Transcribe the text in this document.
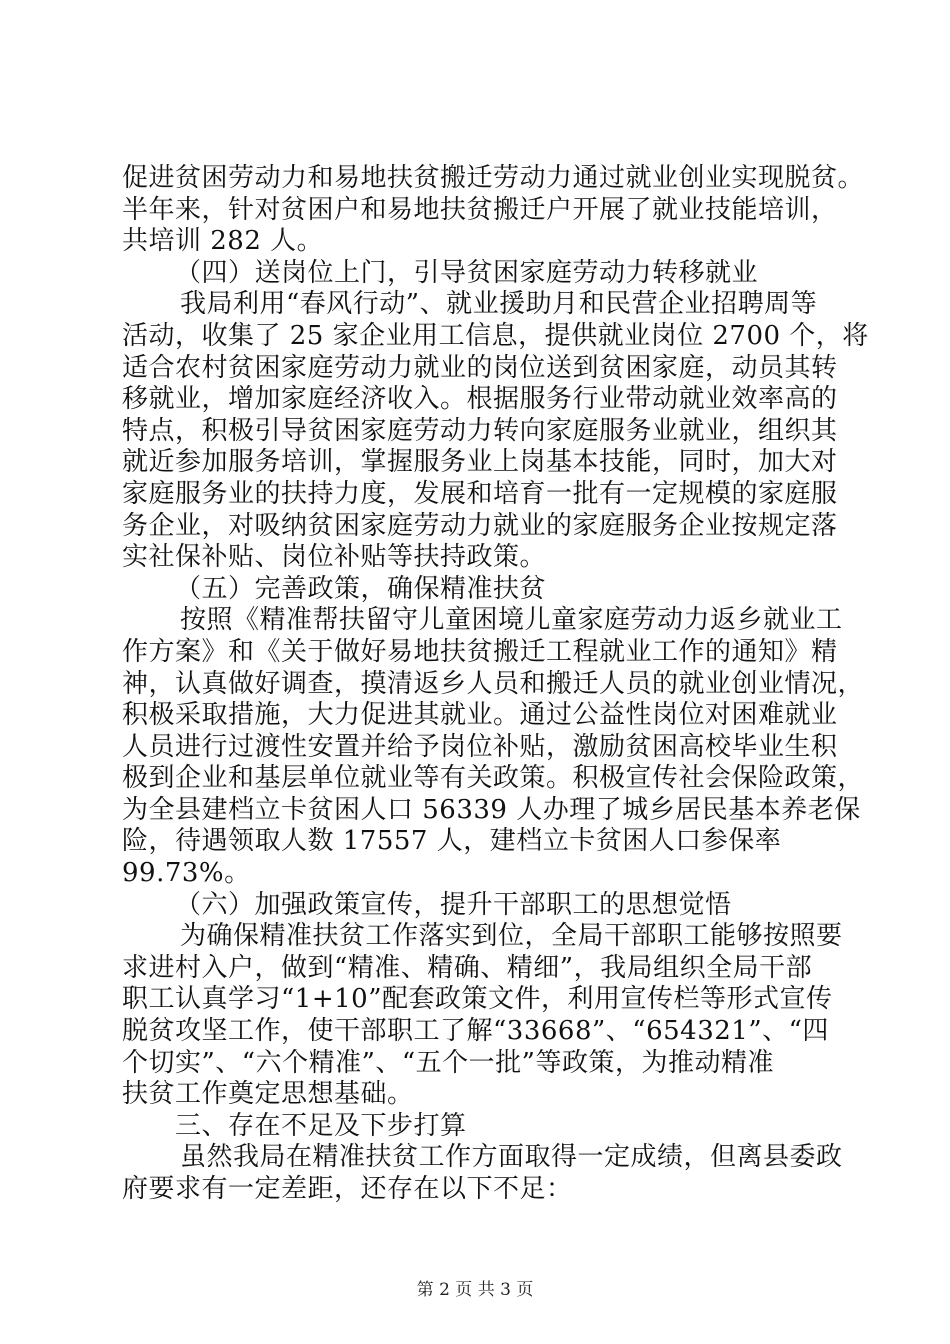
促进贫困劳动力和易地扶贫搬迁劳动力通过就业创业实现脱贫。
半年来，针对贫困户和易地扶贫搬迁户开展了就业技能培训，
共培训 282 人。
（四）送岗位上门，引导贫困家庭劳动力转移就业
我局利用“春风行动”、就业援助月和民营企业招聘周等
活动，收集了 25 家企业用工信息，提供就业岗位 2700 个，将
适合农村贫困家庭劳动力就业的岗位送到贫困家庭，动员其转
移就业，增加家庭经济收入。根据服务行业带动就业效率高的
特点，积极引导贫困家庭劳动力转向家庭服务业就业，组织其
就近参加服务培训，掌握服务业上岗基本技能，同时，加大对
家庭服务业的扶持力度，发展和培育一批有一定规模的家庭服
务企业，对吸纳贫困家庭劳动力就业的家庭服务企业按规定落
实社保补贴、岗位补贴等扶持政策。
（五）完善政策，确保精准扶贫
按照《精准帮扶留守儿童困境儿童家庭劳动力返乡就业工
作方案》和《关于做好易地扶贫搬迁工程就业工作的通知》精
神，认真做好调查，摸清返乡人员和搬迁人员的就业创业情况，
积极采取措施，大力促进其就业。通过公益性岗位对困难就业
人员进行过渡性安置并给予岗位补贴，激励贫困高校毕业生积
极到企业和基层单位就业等有关政策。积极宣传社会保险政策，
为全县建档立卡贫困人口 56339 人办理了城乡居民基本养老保
险，待遇领取人数 17557 人，建档立卡贫困人口参保率
99.73%。
（六）加强政策宣传，提升干部职工的思想觉悟
为确保精准扶贫工作落实到位，全局干部职工能够按照要
求进村入户，做到“精准、精确、精细”，我局组织全局干部
职工认真学习“1+10”配套政策文件，利用宣传栏等形式宣传
脱贫攻坚工作，使干部职工了解“33668”、“654321”、“四
个切实”、“六个精准”、“五个一批”等政策，为推动精准
扶贫工作奠定思想基础。
三、存在不足及下步打算
虽然我局在精准扶贫工作方面取得一定成绩，但离县委政
府要求有一定差距，还存在以下不足：
第 2 页 共 3 页
